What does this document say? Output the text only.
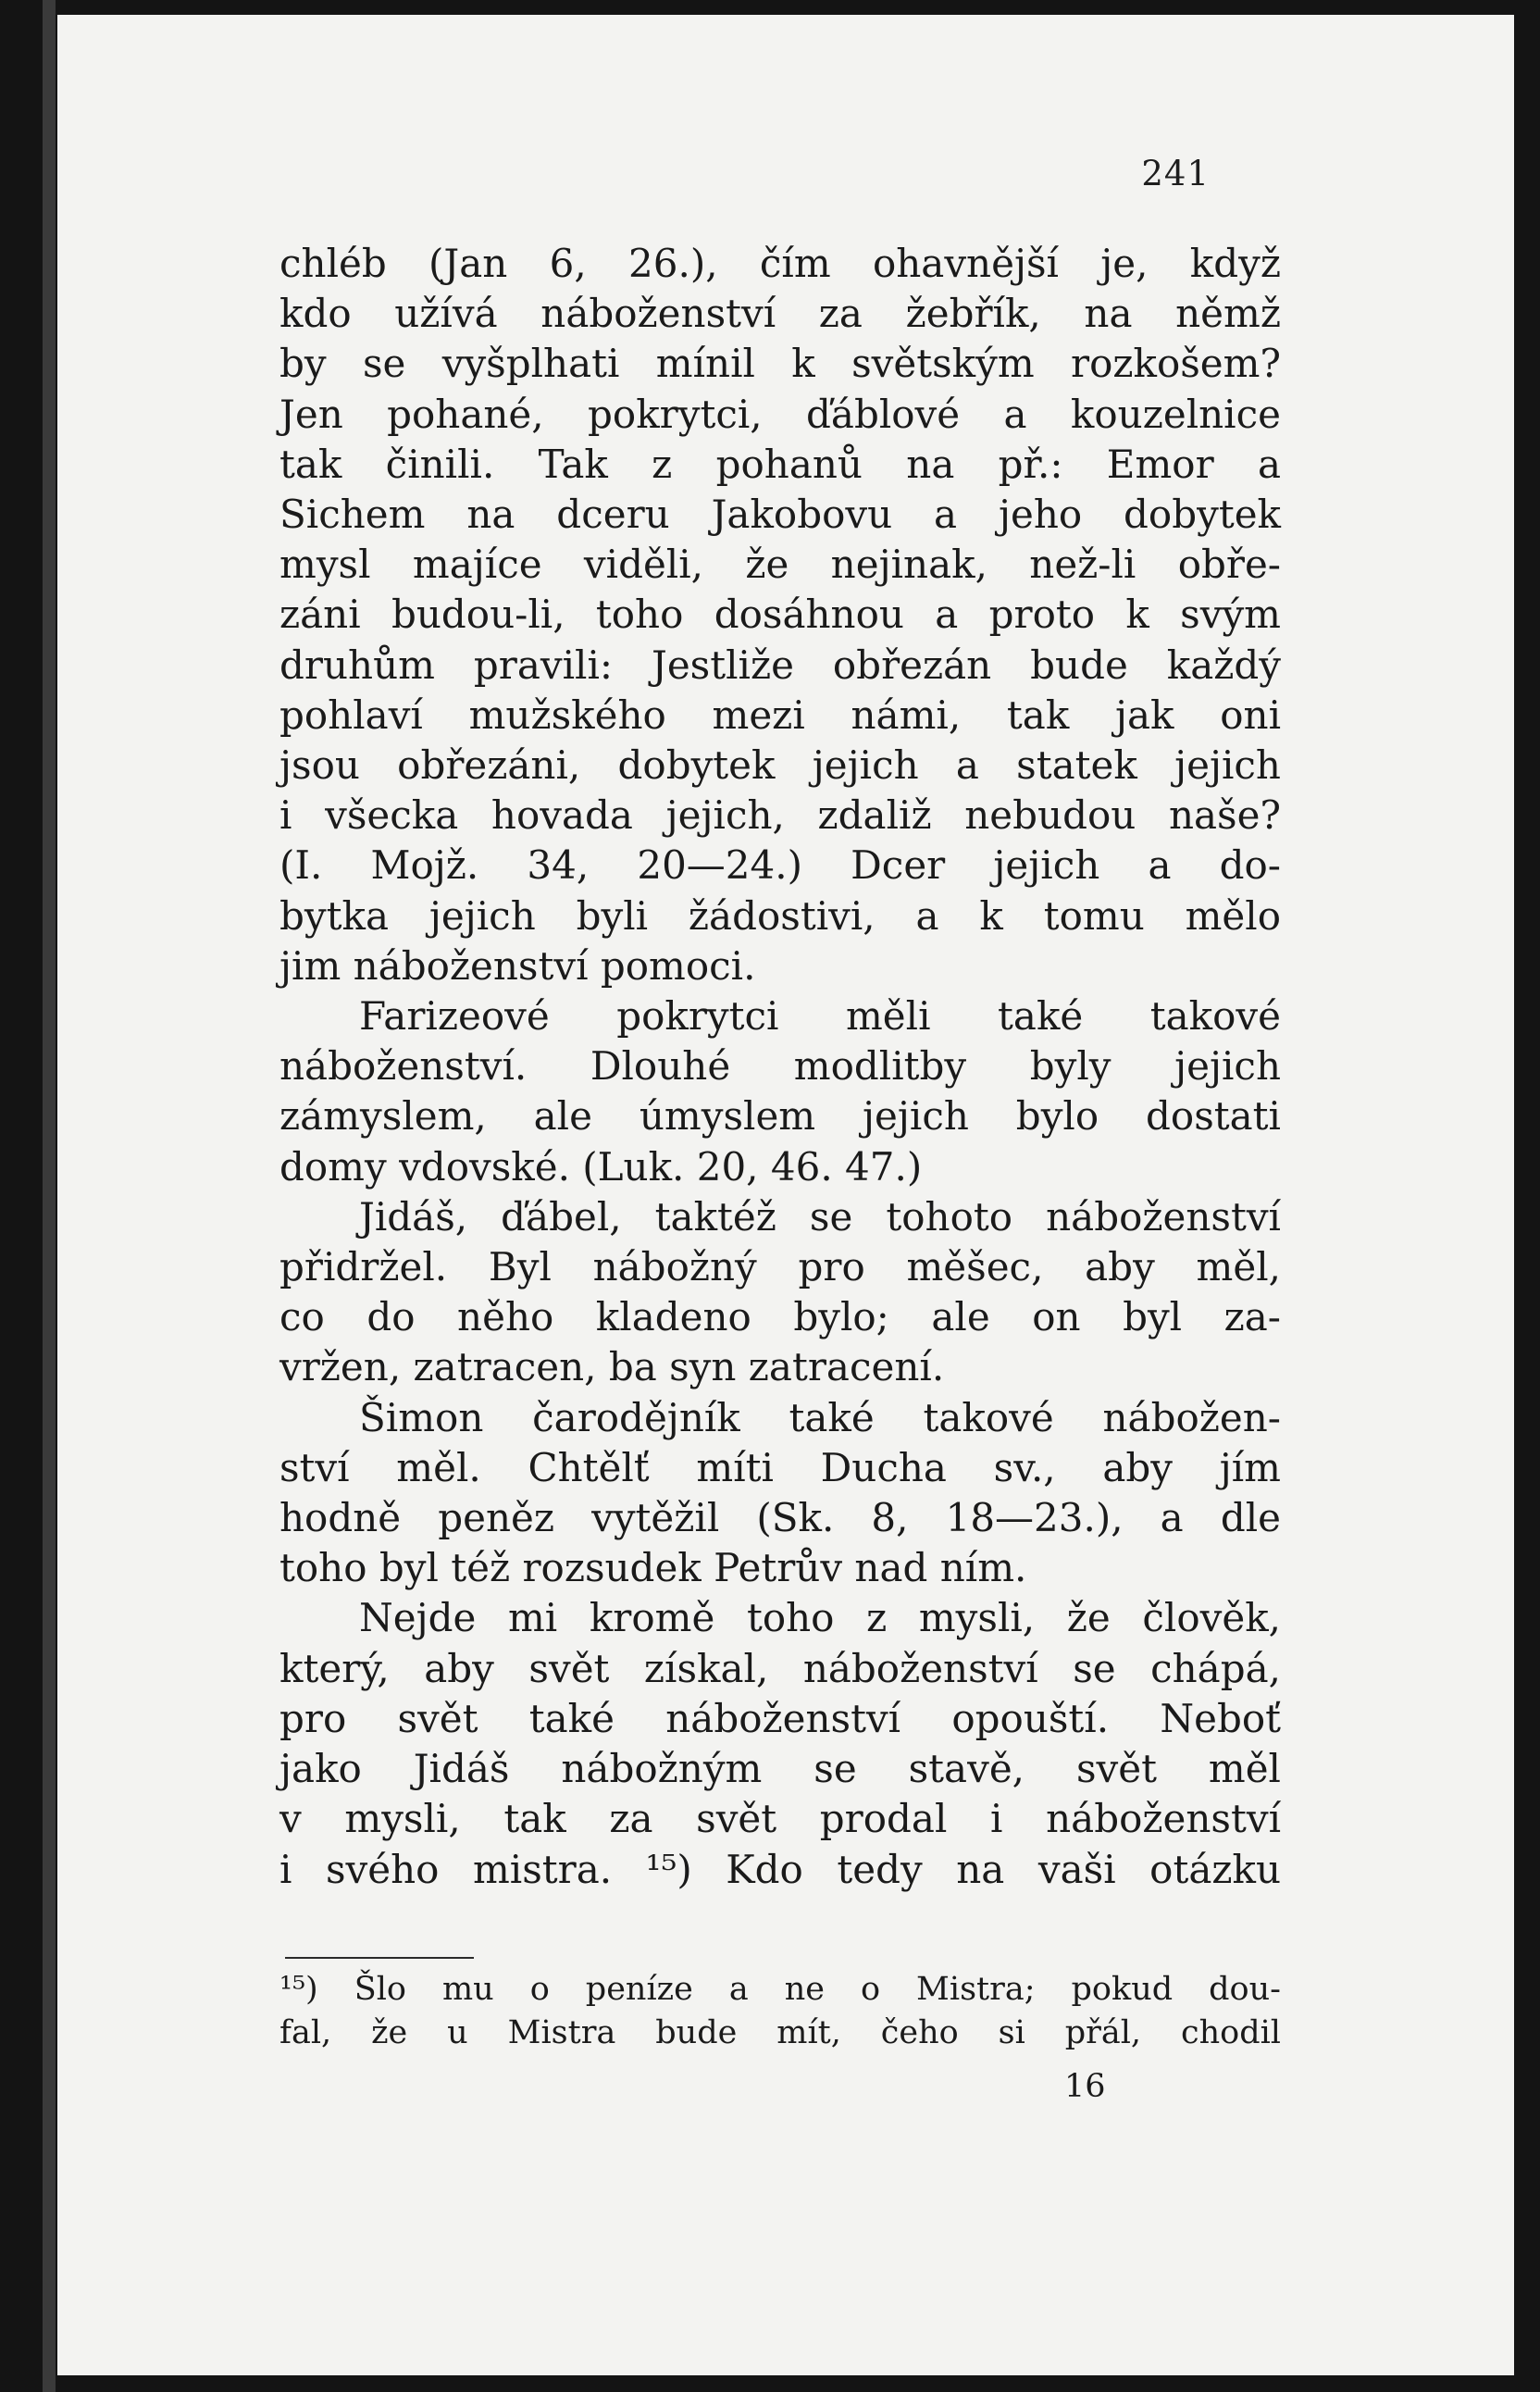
241
chléb (Jan 6, 26.), čím ohavnější je, když
kdo užívá náboženství za žebřík, na němž
by se vyšplhati mínil k světským rozkošem?
Jen pohané, pokrytci, ďáblové a kouzelnice
tak činili. Tak z pohanů na př.: Emor a
Sichem na dceru Jakobovu a jeho dobytek
mysl majíce viděli, že nejinak, než-li obře-
záni budou-li, toho dosáhnou a proto k svým
druhům pravili: Jestliže obřezán bude každý
pohlaví mužského mezi námi, tak jak oni
jsou obřezáni, dobytek jejich a statek jejich
i všecka hovada jejich, zdaliž nebudou naše?
(I. Mojž. 34, 20—24.) Dcer jejich a do-
bytka jejich byli žádostivi, a k tomu mělo
jim náboženství pomoci.
Farizeové pokrytci měli také takové
náboženství. Dlouhé modlitby byly jejich
zámyslem, ale úmyslem jejich bylo dostati
domy vdovské. (Luk. 20, 46. 47.)
Jidáš, ďábel, taktéž se tohoto náboženství
přidržel. Byl nábožný pro měšec, aby měl,
co do něho kladeno bylo; ale on byl za-
vržen, zatracen, ba syn zatracení.
Šimon čarodějník také takové nábožen-
ství měl. Chtělť míti Ducha sv., aby jím
hodně peněz vytěžil (Sk. 8, 18—23.), a dle
toho byl též rozsudek Petrův nad ním.
Nejde mi kromě toho z mysli, že člověk,
který, aby svět získal, náboženství se chápá,
pro svět také náboženství opouští. Neboť
jako Jidáš nábožným se stavě, svět měl
v mysli, tak za svět prodal i náboženství
i svého mistra. ¹⁵) Kdo tedy na vaši otázku
¹⁵) Šlo mu o peníze a ne o Mistra; pokud dou-
fal, že u Mistra bude mít, čeho si přál, chodil
16
